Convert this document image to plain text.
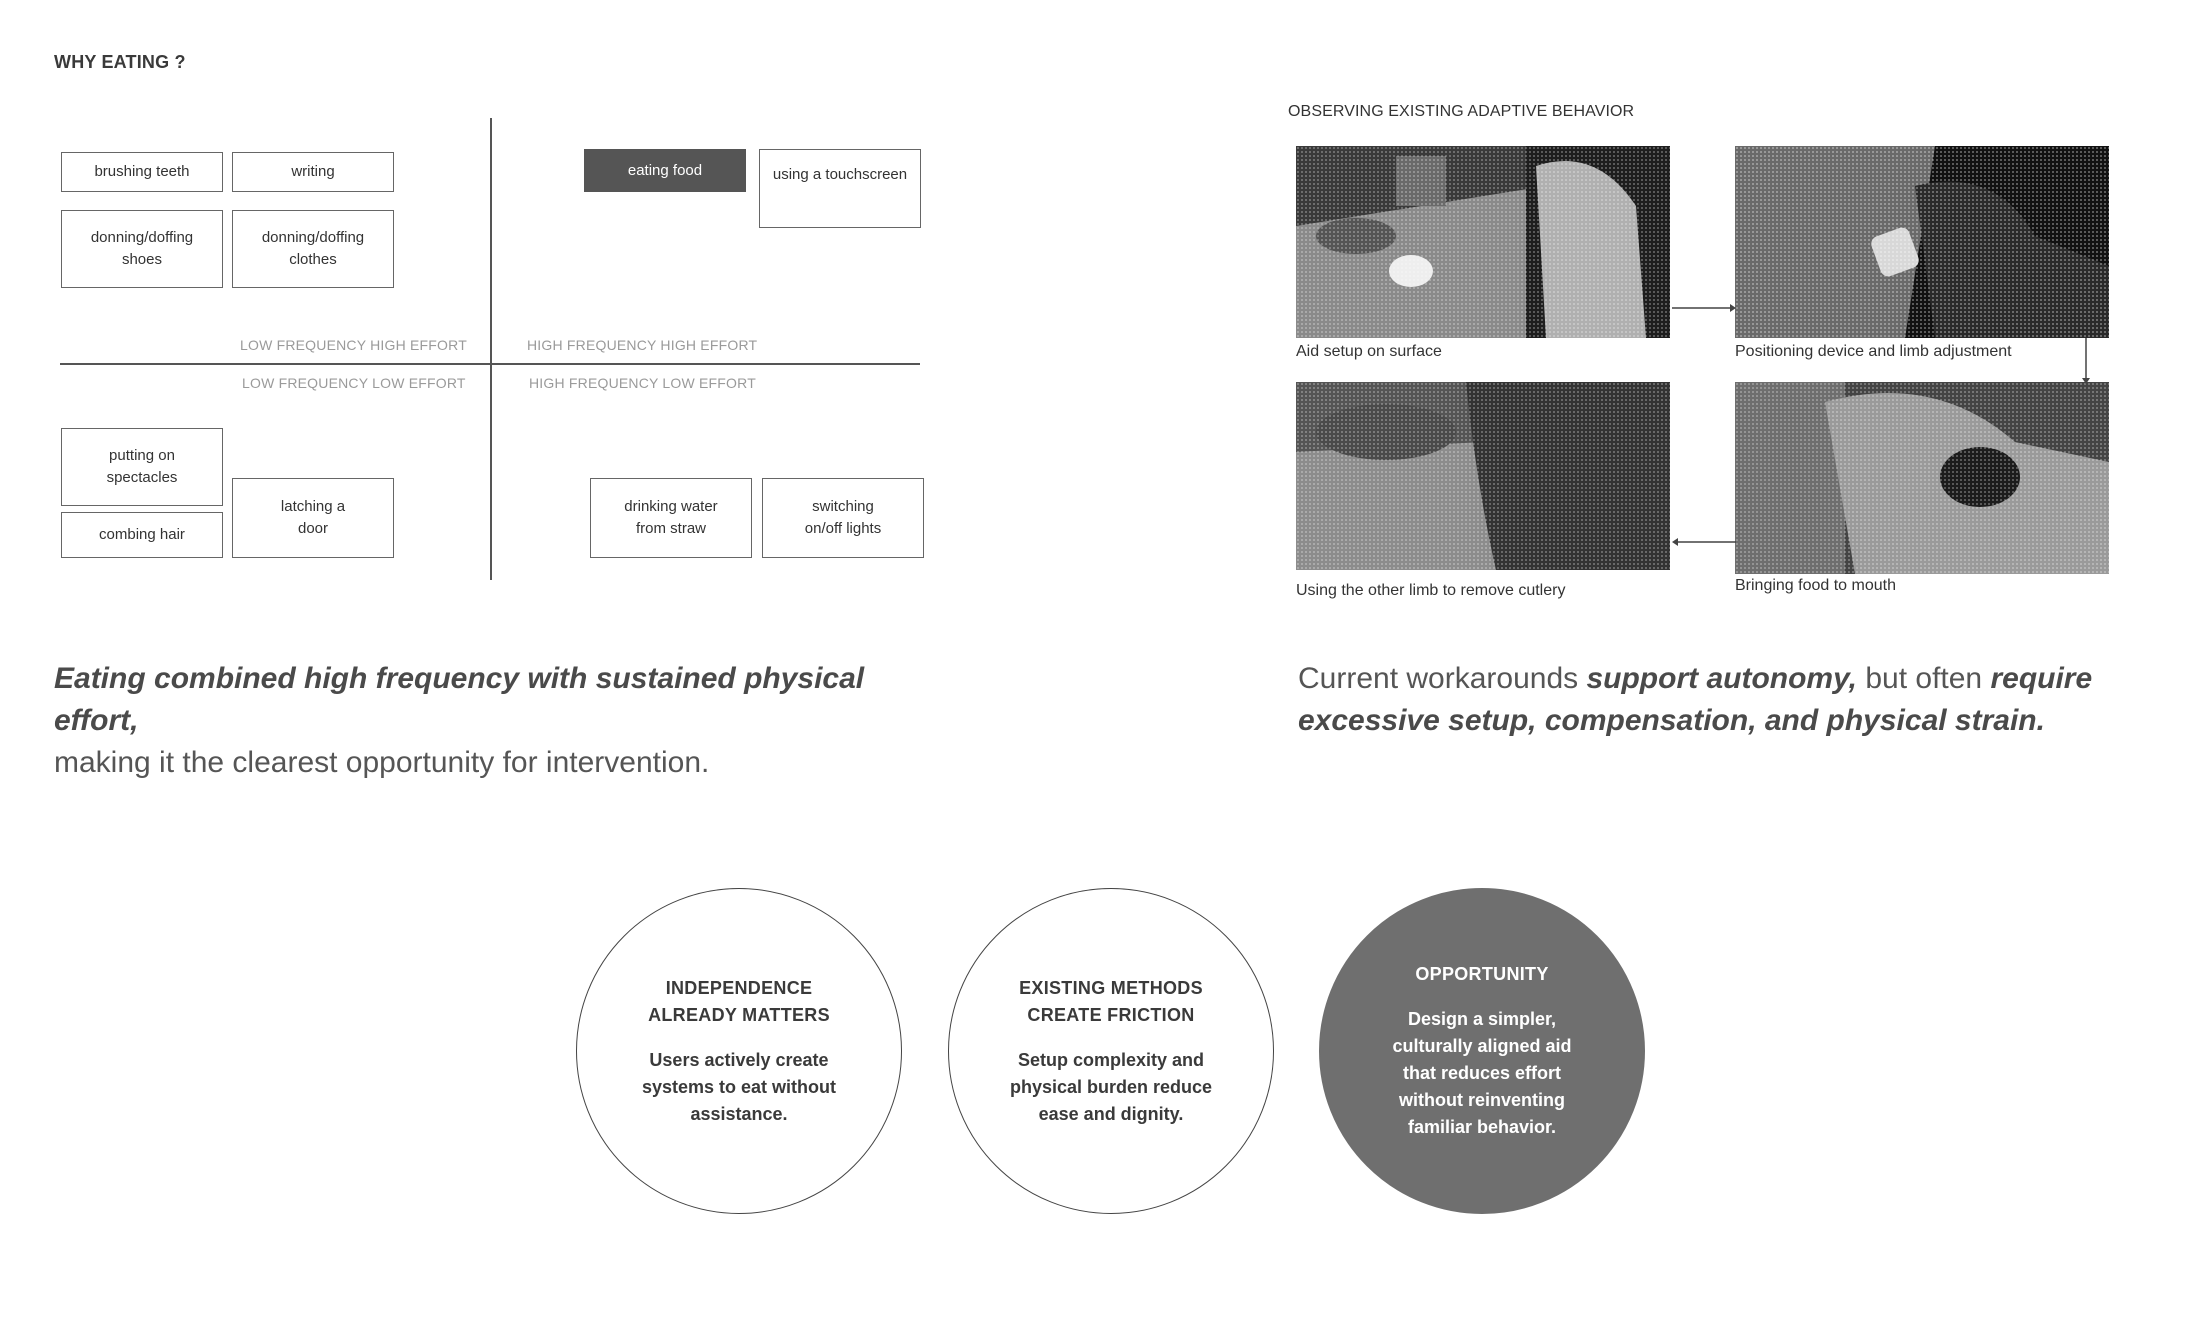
WHY EATING ?
LOW FREQUENCY HIGH EFFORT	HIGH FREQUENCY HIGH EFFORT
LOW FREQUENCY LOW EFFORT	HIGH FREQUENCY LOW EFFORT
brushing teeth	writing
donning/doffing
shoes
donning/doffing
clothes
eating food	using a touchscreen
putting on
spectacles
combing hair
latching a
door
drinking water
from straw
switching
on/off lights
Eating combined high frequency with sustained physical effort,
making it the clearest opportunity for intervention.
OBSERVING EXISTING ADAPTIVE BEHAVIOR
Aid setup on surface	Positioning device and limb adjustment
Using the other limb to remove cutlery	Bringing food to mouth
Current workarounds support autonomy, but often require excessive setup, compensation, and physical strain.
INDEPENDENCE
ALREADY MATTERS
Users actively create systems to eat without assistance.
EXISTING METHODS
CREATE FRICTION
Setup complexity and physical burden reduce ease and dignity.
OPPORTUNITY
Design a simpler, culturally aligned aid that reduces effort without reinventing familiar behavior.
